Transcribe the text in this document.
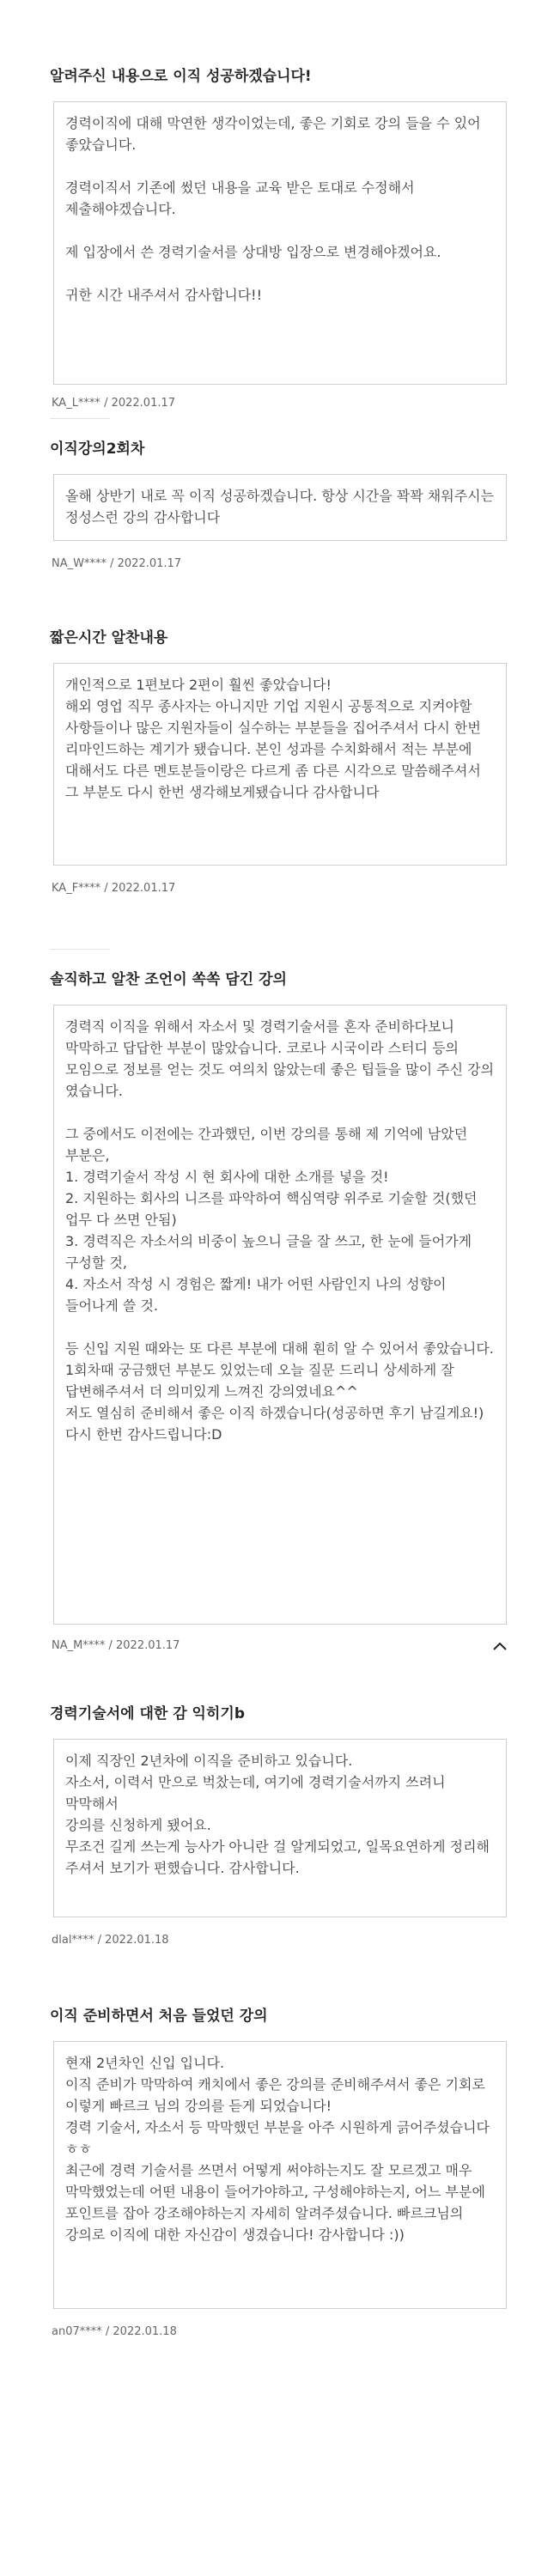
알려주신 내용으로 이직 성공하겠습니다!
경력이직에 대해 막연한 생각이었는데, 좋은 기회로 강의 들을 수 있어 좋았습니다.

경력이직서 기존에 썼던 내용을 교육 받은 토대로 수정해서 제출해야겠습니다.

제 입장에서 쓴 경력기술서를 상대방 입장으로 변경해야겠어요.

귀한 시간 내주셔서 감사합니다!!
KA_L**** / 2022.01.17
이직강의2회차
올해 상반기 내로 꼭 이직 성공하겠습니다. 항상 시간을 꽉꽉 채워주시는 정성스런 강의 감사합니다
NA_W**** / 2022.01.17
짧은시간 알찬내용
개인적으로 1편보다 2편이 훨씬 좋았습니다!
해외 영업 직무 종사자는 아니지만 기업 지원시 공통적으로 지켜야할 사항들이나 많은 지원자들이 실수하는 부분들을 집어주셔서 다시 한번 리마인드하는 계기가 됐습니다. 본인 성과를 수치화해서 적는 부분에 대해서도 다른 멘토분들이랑은 다르게 좀 다른 시각으로 말씀해주셔서 그 부분도 다시 한번 생각해보게됐습니다 감사합니다
KA_F**** / 2022.01.17
솔직하고 알찬 조언이 쏙쏙 담긴 강의
경력직 이직을 위해서 자소서 및 경력기술서를 혼자 준비하다보니 막막하고 답답한 부분이 많았습니다. 코로나 시국이라 스터디 등의 모임으로 정보를 얻는 것도 여의치 않았는데 좋은 팁들을 많이 주신 강의 였습니다.

그 중에서도 이전에는 간과했던, 이번 강의를 통해 제 기억에 남았던 부분은,
1. 경력기술서 작성 시 현 회사에 대한 소개를 넣을 것!
2. 지원하는 회사의 니즈를 파악하여 핵심역량 위주로 기술할 것(했던 업무 다 쓰면 안됨)
3. 경력직은 자소서의 비중이 높으니 글을 잘 쓰고, 한 눈에 들어가게 구성할 것,
4. 자소서 작성 시 경험은 짧게! 내가 어떤 사람인지 나의 성향이 들어나게 쓸 것.

등 신입 지원 때와는 또 다른 부분에 대해 훤히 알 수 있어서 좋았습니다.
1회차때 궁금했던 부분도 있었는데 오늘 질문 드리니 상세하게 잘 답변해주셔서 더 의미있게 느껴진 강의였네요^^
저도 열심히 준비해서 좋은 이직 하겠습니다(성공하면 후기 남길게요!)
다시 한번 감사드립니다:D
NA_M**** / 2022.01.17
경력기술서에 대한 감 익히기b
이제 직장인 2년차에 이직을 준비하고 있습니다.
자소서, 이력서 만으로 벅찼는데, 여기에 경력기술서까지 쓰려니 막막해서
강의를 신청하게 됐어요.
무조건 길게 쓰는게 능사가 아니란 걸 알게되었고, 일목요연하게 정리해 주셔서 보기가 편했습니다. 감사합니다.
dlal**** / 2022.01.18
이직 준비하면서 처음 들었던 강의
현재 2년차인 신입 입니다.
이직 준비가 막막하여 캐치에서 좋은 강의를 준비해주셔서 좋은 기회로 이렇게 빠르크 님의 강의를 듣게 되었습니다!
경력 기술서, 자소서 등 막막했던 부분을 아주 시원하게 긁어주셨습니다 ㅎㅎ
최근에 경력 기술서를 쓰면서 어떻게 써야하는지도 잘 모르겠고 매우 막막했었는데 어떤 내용이 들어가야하고, 구성해야하는지, 어느 부분에 포인트를 잡아 강조해야하는지 자세히 알려주셨습니다. 빠르크님의 강의로 이직에 대한 자신감이 생겼습니다! 감사합니다 :))
an07**** / 2022.01.18
